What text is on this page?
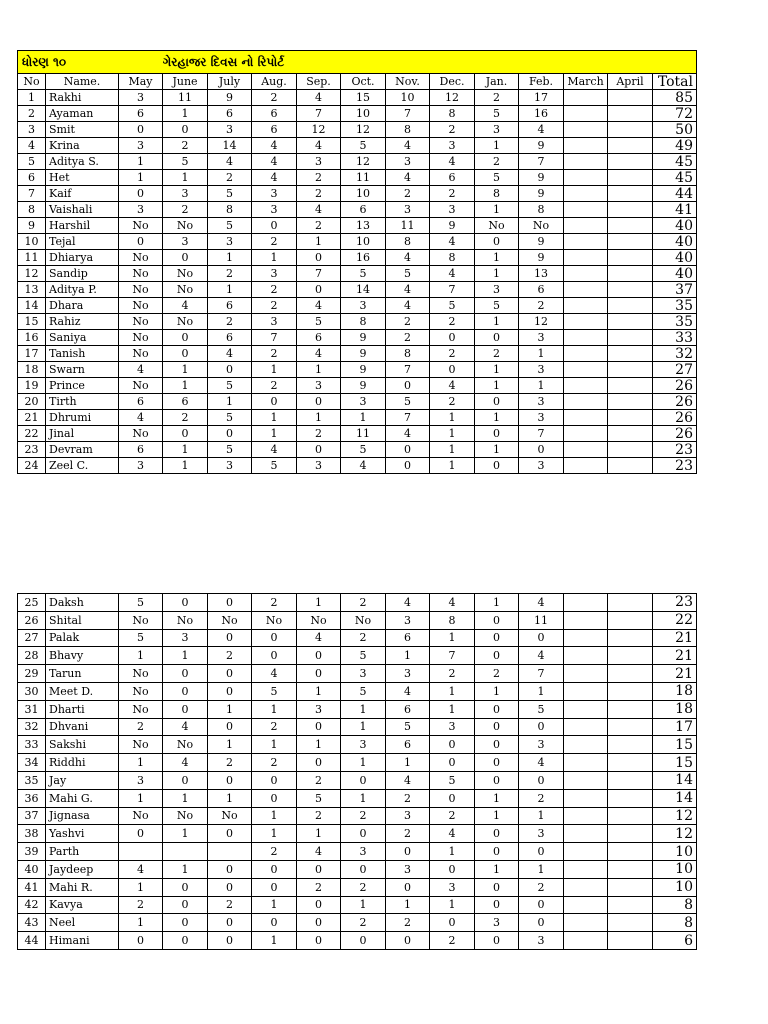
ધોરણ ૧૦			ગેરહાજર દિવસ નો રિપોર્ટ											
No	Name.	May	June	July	Aug.	Sep.	Oct.	Nov.	Dec.	Jan.	Feb.	March	April	Total
1	Rakhi	3	11	9	2	4	15	10	12	2	17			85
2	Ayaman	6	1	6	6	7	10	7	8	5	16			72
3	Smit	0	0	3	6	12	12	8	2	3	4			50
4	Krina	3	2	14	4	4	5	4	3	1	9			49
5	Aditya S.	1	5	4	4	3	12	3	4	2	7			45
6	Het	1	1	2	4	2	11	4	6	5	9			45
7	Kaif	0	3	5	3	2	10	2	2	8	9			44
8	Vaishali	3	2	8	3	4	6	3	3	1	8			41
9	Harshil	No	No	5	0	2	13	11	9	No	No			40
10	Tejal	0	3	3	2	1	10	8	4	0	9			40
11	Dhiarya	No	0	1	1	0	16	4	8	1	9			40
12	Sandip	No	No	2	3	7	5	5	4	1	13			40
13	Aditya P.	No	No	1	2	0	14	4	7	3	6			37
14	Dhara	No	4	6	2	4	3	4	5	5	2			35
15	Rahiz	No	No	2	3	5	8	2	2	1	12			35
16	Saniya	No	0	6	7	6	9	2	0	0	3			33
17	Tanish	No	0	4	2	4	9	8	2	2	1			32
18	Swarn	4	1	0	1	1	9	7	0	1	3			27
19	Prince	No	1	5	2	3	9	0	4	1	1			26
20	Tirth	6	6	1	0	0	3	5	2	0	3			26
21	Dhrumi	4	2	5	1	1	1	7	1	1	3			26
22	Jinal	No	0	0	1	2	11	4	1	0	7			26
23	Devram	6	1	5	4	0	5	0	1	1	0			23
24	Zeel C.	3	1	3	5	3	4	0	1	0	3			23
25	Daksh	5	0	0	2	1	2	4	4	1	4			23
26	Shital	No	No	No	No	No	No	3	8	0	11			22
27	Palak	5	3	0	0	4	2	6	1	0	0			21
28	Bhavy	1	1	2	0	0	5	1	7	0	4			21
29	Tarun	No	0	0	4	0	3	3	2	2	7			21
30	Meet D.	No	0	0	5	1	5	4	1	1	1			18
31	Dharti	No	0	1	1	3	1	6	1	0	5			18
32	Dhvani	2	4	0	2	0	1	5	3	0	0			17
33	Sakshi	No	No	1	1	1	3	6	0	0	3			15
34	Riddhi	1	4	2	2	0	1	1	0	0	4			15
35	Jay	3	0	0	0	2	0	4	5	0	0			14
36	Mahi G.	1	1	1	0	5	1	2	0	1	2			14
37	Jignasa	No	No	No	1	2	2	3	2	1	1			12
38	Yashvi	0	1	0	1	1	0	2	4	0	3			12
39	Parth				2	4	3	0	1	0	0			10
40	Jaydeep	4	1	0	0	0	0	3	0	1	1			10
41	Mahi R.	1	0	0	0	2	2	0	3	0	2			10
42	Kavya	2	0	2	1	0	1	1	1	0	0			8
43	Neel	1	0	0	0	0	2	2	0	3	0			8
44	Himani	0	0	0	1	0	0	0	2	0	3			6
